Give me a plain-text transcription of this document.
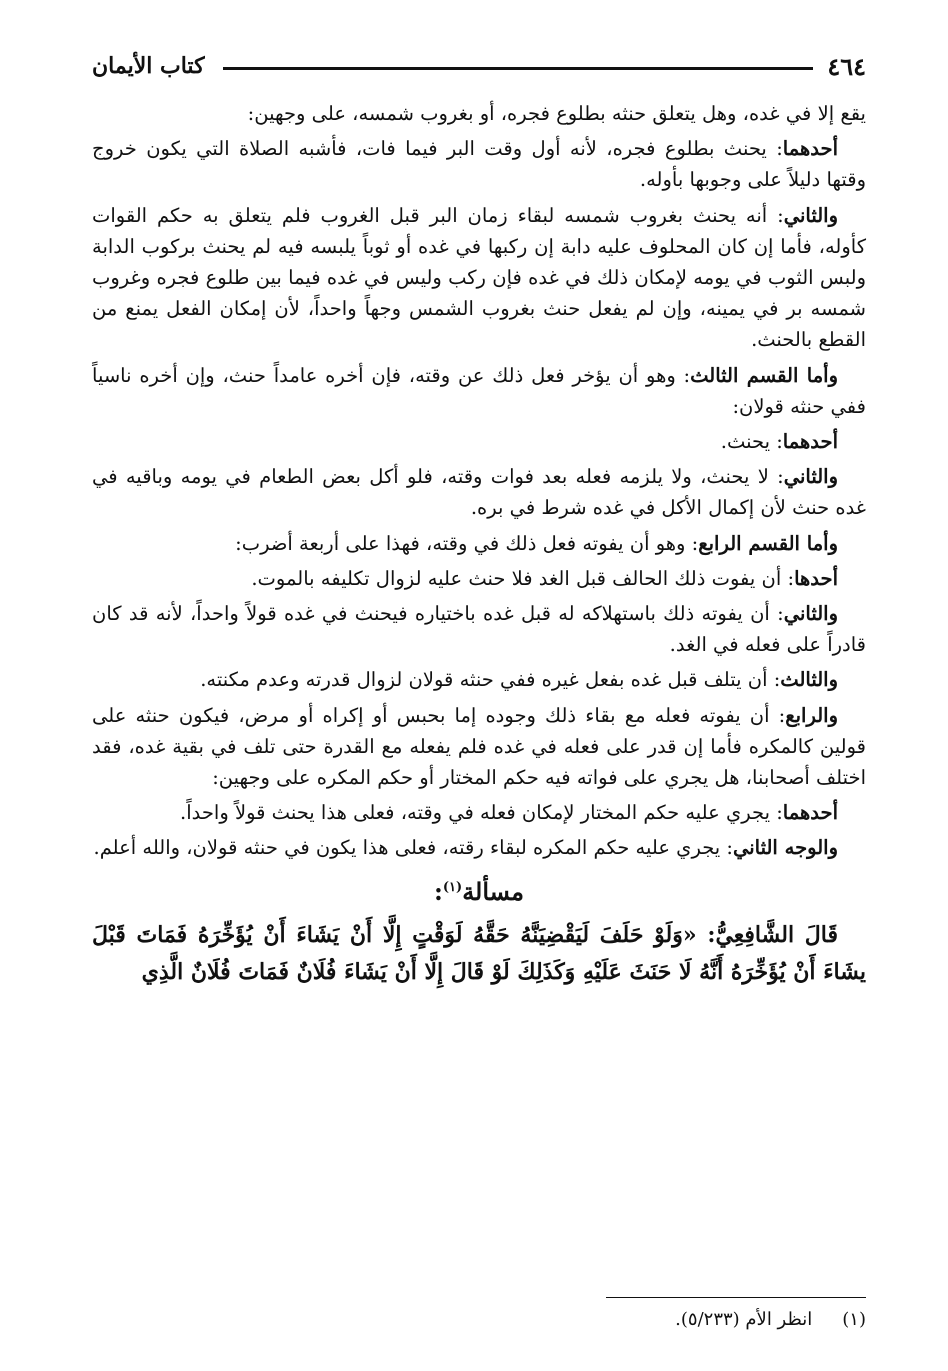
٤٦٤
كتاب الأيمان

يقع إلا في غده، وهل يتعلق حنثه بطلوع فجره، أو بغروب شمسه، على وجهين:

أحدهما: يحنث بطلوع فجره، لأنه أول وقت البر فيما فات، فأشبه الصلاة التي يكون خروج وقتها دليلاً على وجوبها بأوله.

والثاني: أنه يحنث بغروب شمسه لبقاء زمان البر قبل الغروب فلم يتعلق به حكم القوات كأوله، فأما إن كان المحلوف عليه دابة إن ركبها في غده أو ثوباً يلبسه فيه لم يحنث بركوب الدابة ولبس الثوب في يومه لإمكان ذلك في غده فإن ركب وليس في غده فيما بين طلوع فجره وغروب شمسه بر في يمينه، وإن لم يفعل حنث بغروب الشمس وجهاً واحداً، لأن إمكان الفعل يمنع من القطع بالحنث.

وأما القسم الثالث: وهو أن يؤخر فعل ذلك عن وقته، فإن أخره عامداً حنث، وإن أخره ناسياً ففي حنثه قولان:

أحدهما: يحنث.

والثاني: لا يحنث، ولا يلزمه فعله بعد فوات وقته، فلو أكل بعض الطعام في يومه وباقيه في غده حنث لأن إكمال الأكل في غده شرط في بره.

وأما القسم الرابع: وهو أن يفوته فعل ذلك في وقته، فهذا على أربعة أضرب:

أحدها: أن يفوت ذلك الحالف قبل الغد فلا حنث عليه لزوال تكليفه بالموت.

والثاني: أن يفوته ذلك باستهلاكه له قبل غده باختياره فيحنث في غده قولاً واحداً، لأنه قد كان قادراً على فعله في الغد.

والثالث: أن يتلف قبل غده بفعل غيره ففي حنثه قولان لزوال قدرته وعدم مكنته.

والرابع: أن يفوته فعله مع بقاء ذلك وجوده إما بحبس أو إكراه أو مرض، فيكون حنثه على قولين كالمكره فأما إن قدر على فعله في غده فلم يفعله مع القدرة حتى تلف في بقية غده، فقد اختلف أصحابنا، هل يجري على فواته فيه حكم المختار أو حكم المكره على وجهين:

أحدهما: يجري عليه حكم المختار لإمكان فعله في وقته، فعلى هذا يحنث قولاً واحداً.

والوجه الثاني: يجري عليه حكم المكره لبقاء رقته، فعلى هذا يكون في حنثه قولان، والله أعلم.

مسألة$^{(١)}$:

قَالَ الشَّافِعِيُّ: «وَلَوْ حَلَفَ لَيَقْضِيَنَّهُ حَقَّهُ لَوَقْتٍ إِلَّا أَنْ يَشَاءَ أَنْ يُؤَخِّرَهُ فَمَاتَ قَبْلَ يشَاءَ أَنْ يُؤَخِّرَهُ أَنَّهُ لَا حَنَثَ عَلَيْهِ وَكَذَلِكَ لَوْ قَالَ إِلَّا أَنْ يَشَاءَ فُلَانٌ فَمَاتَ فُلَانٌ الَّذِي

(١)
انظر الأم (٥/٢٣٣).
